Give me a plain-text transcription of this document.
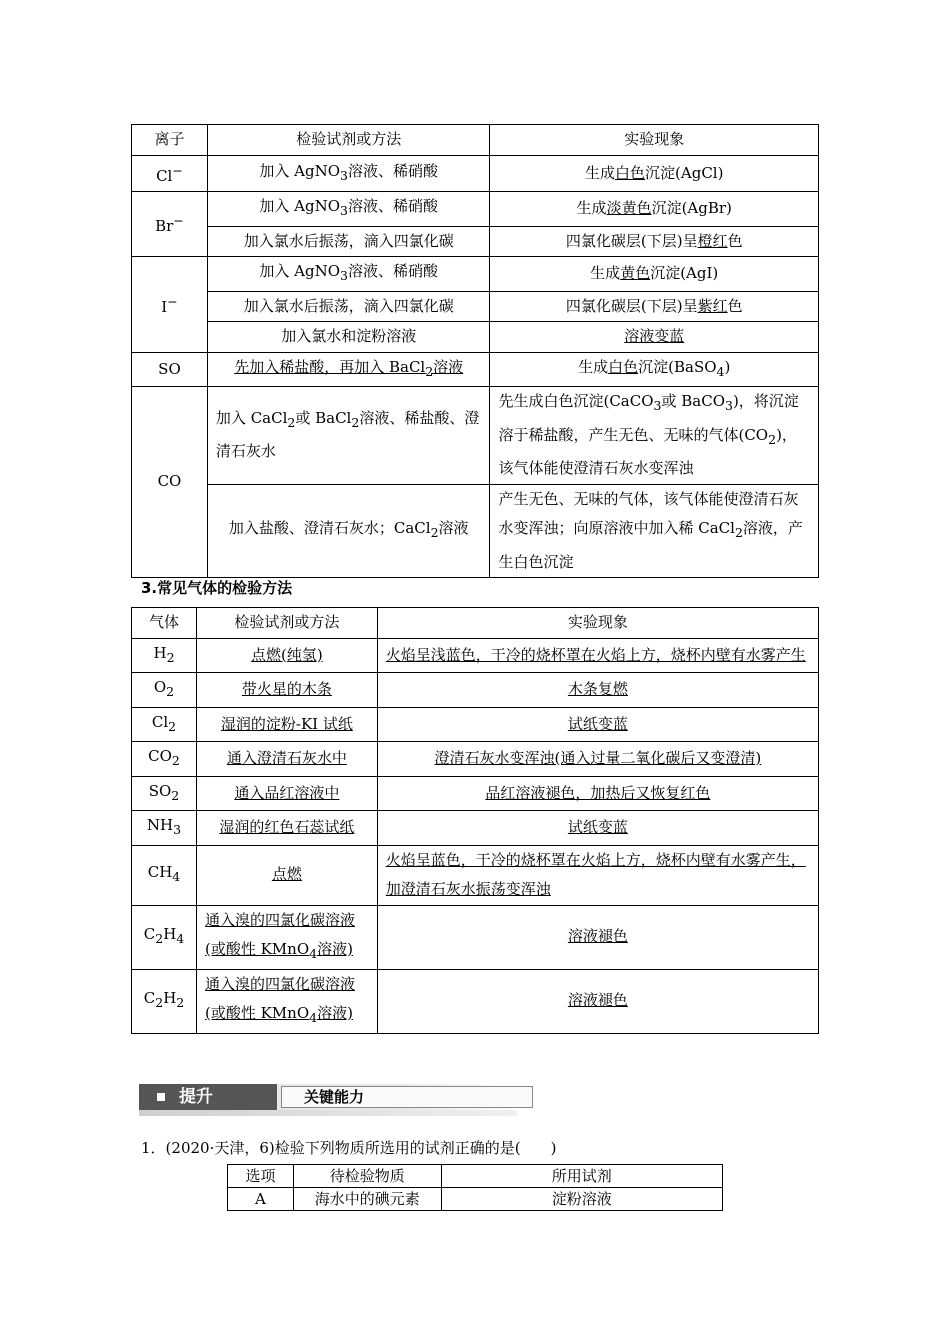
离子	检验试剂或方法	实验现象
Cl−	加入 AgNO$_3$溶液、稀硝酸	生成白色沉淀(AgCl)
Br−	加入 AgNO$_3$溶液、稀硝酸	生成淡黄色沉淀(AgBr)
	加入氯水后振荡，滴入四氯化碳	四氯化碳层(下层)呈橙红色
I−	加入 AgNO$_3$溶液、稀硝酸	生成黄色沉淀(AgI)
	加入氯水后振荡，滴入四氯化碳	四氯化碳层(下层)呈紫红色
	加入氯水和淀粉溶液	溶液变蓝
SO	先加入稀盐酸，再加入 BaCl$_2$溶液	生成白色沉淀(BaSO$_4$)
CO	加入 CaCl$_2$或 BaCl$_2$溶液、稀盐酸、澄清石灰水	先生成白色沉淀(CaCO$_3$或 BaCO$_3$)，将沉淀溶于稀盐酸，产生无色、无味的气体$(CO_2)$，该气体能使澄清石灰水变浑浊
	加入盐酸、澄清石灰水；CaCl$_2$溶液	产生无色、无味的气体，该气体能使澄清石灰水变浑浊；向原溶液中加入稀 CaCl$_2$溶液，产生白色沉淀
3.常见气体的检验方法
气体	检验试剂或方法	实验现象
$H_2$	点燃(纯氢)	火焰呈浅蓝色，干冷的烧杯罩在火焰上方，烧杯内壁有水雾产生
$O_2$	带火星的木条	木条复燃
$Cl_2$	湿润的淀粉-KI 试纸	试纸变蓝
$CO_2$	通入澄清石灰水中	澄清石灰水变浑浊(通入过量二氧化碳后又变澄清)
$SO_2$	通入品红溶液中	品红溶液褪色，加热后又恢复红色
$NH_3$	湿润的红色石蕊试纸	试纸变蓝
$CH_4$	点燃	火焰呈蓝色，干冷的烧杯罩在火焰上方，烧杯内壁有水雾产生，加澄清石灰水振荡变浑浊
$C_2H_4$	通入溴的四氯化碳溶液(或酸性 KMnO$_4$溶液)	溶液褪色
$C_2H_2$	通入溴的四氯化碳溶液(或酸性 KMnO$_4$溶液)	溶液褪色
提升	关键能力
1．(2020·天津，6)检验下列物质所选用的试剂正确的是(　　)
选项	待检验物质	所用试剂
A	海水中的碘元素	淀粉溶液
